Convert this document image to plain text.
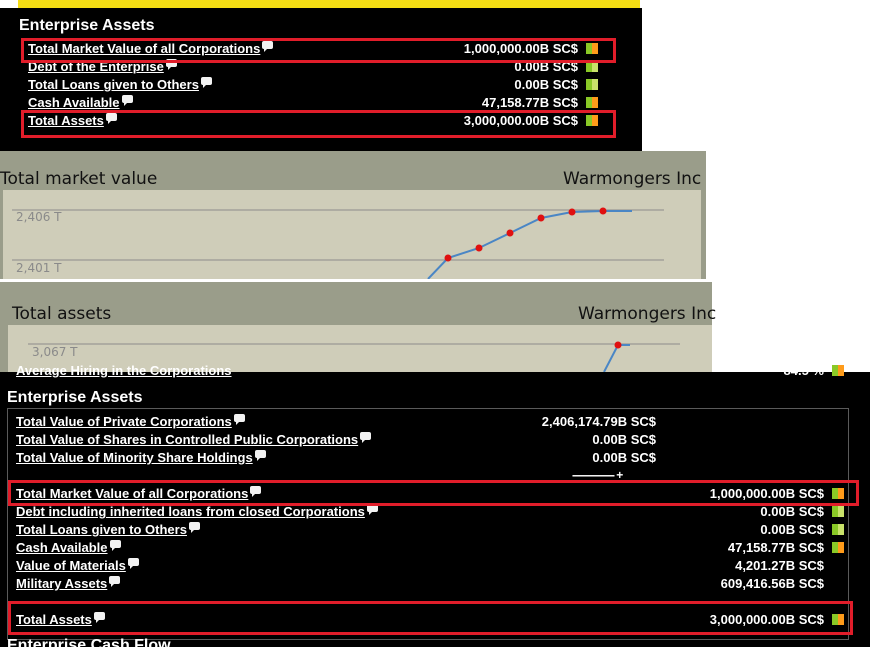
Enterprise Assets
Total Market Value of all Corporations	1,000,000.00B SC$
Debt of the Enterprise	0.00B SC$
Total Loans given to Others	0.00B SC$
Cash Available	47,158.77B SC$
Total Assets	3,000,000.00B SC$
Total market value	Warmongers Inc
2,406 T
2,401 T
Total assets	Warmongers Inc
3,067 T
Average Hiring in the Corporations	84.5 %
Enterprise Assets
Total Value of Private Corporations	2,406,174.79B SC$
Total Value of Shares in Controlled Public Corporations	0.00B SC$
Total Value of Minority Share Holdings	0.00B SC$
-------------- +
Total Market Value of all Corporations	1,000,000.00B SC$
Debt including inherited loans from closed Corporations	0.00B SC$
Total Loans given to Others	0.00B SC$
Cash Available	47,158.77B SC$
Value of Materials	4,201.27B SC$
Military Assets	609,416.56B SC$
Total Assets	3,000,000.00B SC$
Enterprise Cash Flow
